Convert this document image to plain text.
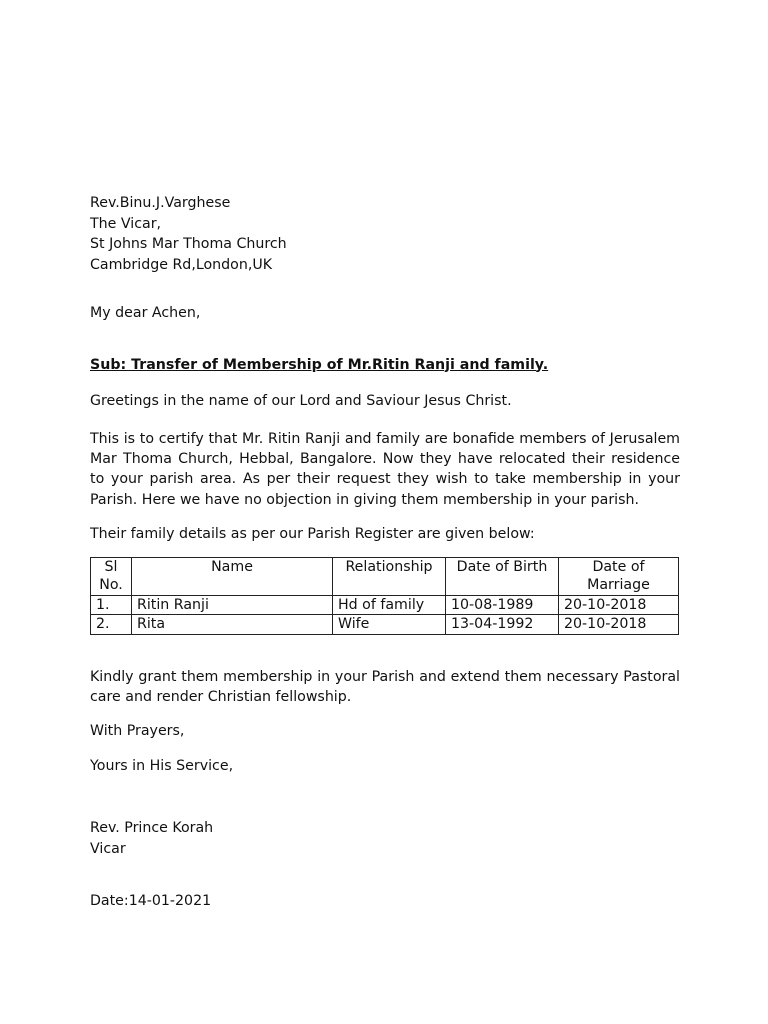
Rev.Binu.J.Varghese
The Vicar,
St Johns Mar Thoma Church
Cambridge Rd,London,UK
My dear Achen,
Sub: Transfer of Membership of Mr.Ritin Ranji and family.
Greetings in the name of our Lord and Saviour Jesus Christ.

This is to certify that Mr. Ritin Ranji and family are bonafide members of Jerusalem Mar Thoma Church, Hebbal, Bangalore. Now they have relocated their residence to your parish area. As per their request they wish to take membership in your Parish. Here we have no objection in giving them membership in your parish.

Their family details as per our Parish Register are given below:
Sl No.	Name	Relationship	Date of Birth	Date of Marriage
1.	Ritin Ranji	Hd of family	10-08-1989	20-10-2018
2.	Rita	Wife	13-04-1992	20-10-2018

Kindly grant them membership in your Parish and extend them necessary Pastoral care and render Christian fellowship.

With Prayers,
Yours in His Service,
Rev. Prince Korah
Vicar
Date:14-01-2021
